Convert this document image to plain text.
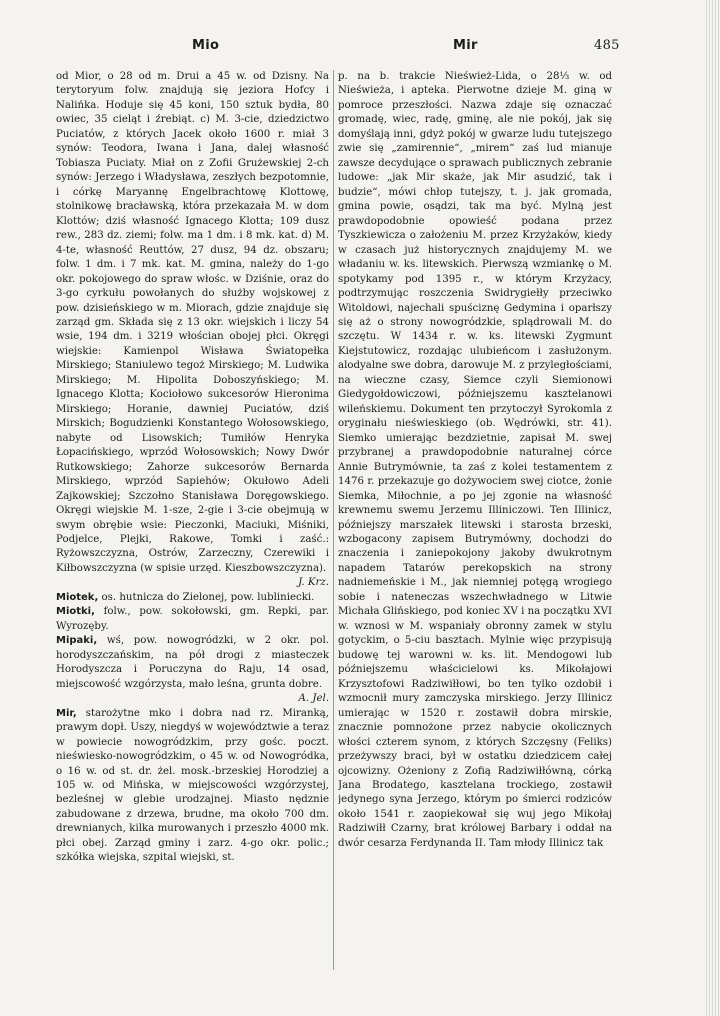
Mio	Mir	485

od Mior, o 28 od m. Drui a 45 w. od Dzisny. Na terytoryum folw. znajdują się jeziora Hofcy i Nalińka. Hoduje się 45 koni, 150 sztuk bydła, 80 owiec, 35 cieląt i źrebiąt. c) M. 3-cie, dziedzictwo Puciatów, z których Jacek około 1600 r. miał 3 synów: Teodora, Iwana i Jana, dalej własność Tobiasza Puciaty. Miał on z Zofii Grużewskiej 2-ch synów: Jerzego i Władysława, zeszłych bezpotomnie, i córkę Maryannę Engelbrachtowę Klottowę, stolnikowę bracławską, która przekazała M. w dom Klottów; dziś własność Ignacego Klotta; 109 dusz rew., 283 dz. ziemi; folw. ma 1 dm. i 8 mk. kat. d) M. 4-te, własność Reuttów, 27 dusz, 94 dz. obszaru; folw. 1 dm. i 7 mk. kat. M. gmina, należy do 1-go okr. pokojowego do spraw włośc. w Dziśnie, oraz do 3-go cyrkułu powołanych do służby wojskowej z pow. dzisieńskiego w m. Miorach, gdzie znajduje się zarząd gm. Składa się z 13 okr. wiejskich i liczy 54 wsie, 194 dm. i 3219 włościan obojej płci. Okręgi wiejskie: Kamienpol Wisława Światopełka Mirskiego; Staniulewo tegoż Mirskiego; M. Ludwika Mirskiego; M. Hipolita Doboszyńskiego; M. Ignacego Klotta; Kociołowo sukcesorów Hieronima Mirskiego; Horanie, dawniej Puciatów, dziś Mirskich; Bogudzienki Konstantego Wołosowskiego, nabyte od Lisowskich; Tumiłów Henryka Łopacińskiego, wprzód Wołosowskich; Nowy Dwór Rutkowskiego; Zahorze sukcesorów Bernarda Mirskiego, wprzód Sapiehów; Okułowo Adeli Zajkowskiej; Szczołno Stanisława Doręgowskiego. Okręgi wiejskie M. 1-sze, 2-gie i 3-cie obejmują w swym obrębie wsie: Pieczonki, Maciuki, Miśniki, Podjelce, Plejki, Rakowe, Tomki i zaść.: Ryżowszczyzna, Ostrów, Zarzeczny, Czerewiki i Kiłbowszczyzna (w spisie urzęd. Kieszbowszczyzna).
J. Krz.

Miotek, os. hutnicza do Zielonej, pow. lubliniecki.

Miotki, folw., pow. sokołowski, gm. Repki, par. Wyrozęby.

Mipaki, wś, pow. nowogródzki, w 2 okr. pol. horodyszczańskim, na pół drogi z miasteczek Horodyszcza i Poruczyna do Raju, 14 osad, miejscowość wzgórzysta, mało leśna, grunta dobre.
A. Jel.

Mir, starożytne mko i dobra nad rz. Miranką, prawym dopł. Uszy, niegdyś w województwie a teraz w powiecie nowogródzkim, przy gośc. poczt. nieświesko-nowogródzkim, o 45 w. od Nowogródka, o 16 w. od st. dr. żel. mosk.-brzeskiej Horodziej a 105 w. od Mińska, w miejscowości wzgórzystej, bezleśnej w glebie urodzajnej. Miasto nędznie zabudowane z drzewa, brudne, ma około 700 dm. drewnianych, kilka murowanych i przeszło 4000 mk. płci obej. Zarząd gminy i zarz. 4-go okr. polic.; szkółka wiejska, szpital wiejski, st.

p. na b. trakcie Nieśwież-Lida, o 28⅓ w. od Nieświeża, i apteka. Pierwotne dzieje M. giną w pomroce przeszłości. Nazwa zdaje się oznaczać gromadę, wiec, radę, gminę, ale nie pokój, jak się domyślają inni, gdyż pokój w gwarze ludu tutejszego zwie się „zamirennie“, „mirem“ zaś lud mianuje zawsze decydujące o sprawach publicznych zebranie ludowe: „jak Mir skaże, jak Mir asudzić, tak i budzie“, mówi chłop tutejszy, t. j. jak gromada, gmina powie, osądzi, tak ma być. Mylną jest prawdopodobnie opowieść podana przez Tyszkiewicza o założeniu M. przez Krzyżaków, kiedy w czasach już historycznych znajdujemy M. we władaniu w. ks. litewskich. Pierwszą wzmiankę o M. spotykamy pod 1395 r., w którym Krzyżacy, podtrzymując roszczenia Swidrygiełły przeciwko Witoldowi, najechali spuściznę Gedymina i oparłszy się aż o strony nowogródzkie, splądrowali M. do szczętu. W 1434 r. w. ks. litewski Zygmunt Kiejstutowicz, rozdając ulubieńcom i zasłużonym. alodyalne swe dobra, darowuje M. z przyległościami, na wieczne czasy, Siemce czyli Siemionowi Giedygołdowiczowi, późniejszemu kasztelanowi wileńskiemu. Dokument ten przytoczył Syrokomla z oryginału nieświeskiego (ob. Wędrówki, str. 41). Siemko umierając bezdzietnie, zapisał M. swej przybranej a prawdopodobnie naturalnej córce Annie Butrymównie, ta zaś z kolei testamentem z 1476 r. przekazuje go dożywociem swej ciotce, żonie Siemka, Miłochnie, a po jej zgonie na własność krewnemu swemu Jerzemu Illiniczowi. Ten Illinicz, późniejszy marszałek litewski i starosta brzeski, wzbogacony zapisem Butrymówny, dochodzi do znaczenia i zaniepokojony jakoby dwukrotnym napadem Tatarów perekopskich na strony nadniemeńskie i M., jak niemniej potęgą wrogiego sobie i nateneczas wszechwładnego w Litwie Michała Glińskiego, pod koniec XV i na początku XVI w. wznosi w M. wspaniały obronny zamek w stylu gotyckim, o 5-ciu basztach. Mylnie więc przypisują budowę tej warowni w. ks. lit. Mendogowi lub późniejszemu właścicielowi ks. Mikołajowi Krzysztofowi Radziwiłłowi, bo ten tylko ozdobił i wzmocnił mury zamczyska mirskiego. Jerzy Illinicz umierając w 1520 r. zostawił dobra mirskie, znacznie pomnożone przez nabycie okolicznych włości czterem synom, z których Szczęsny (Feliks) przeżywszy braci, był w ostatku dziedzicem całej ojcowizny. Ożeniony z Zofią Radziwiłłówną, córką Jana Brodatego, kasztelana trockiego, zostawił jedynego syna Jerzego, którym po śmierci rodziców około 1541 r. zaopiekował się wuj jego Mikołaj Radziwiłł Czarny, brat królowej Barbary i oddał na dwór cesarza Ferdynanda II. Tam młody Illinicz tak
